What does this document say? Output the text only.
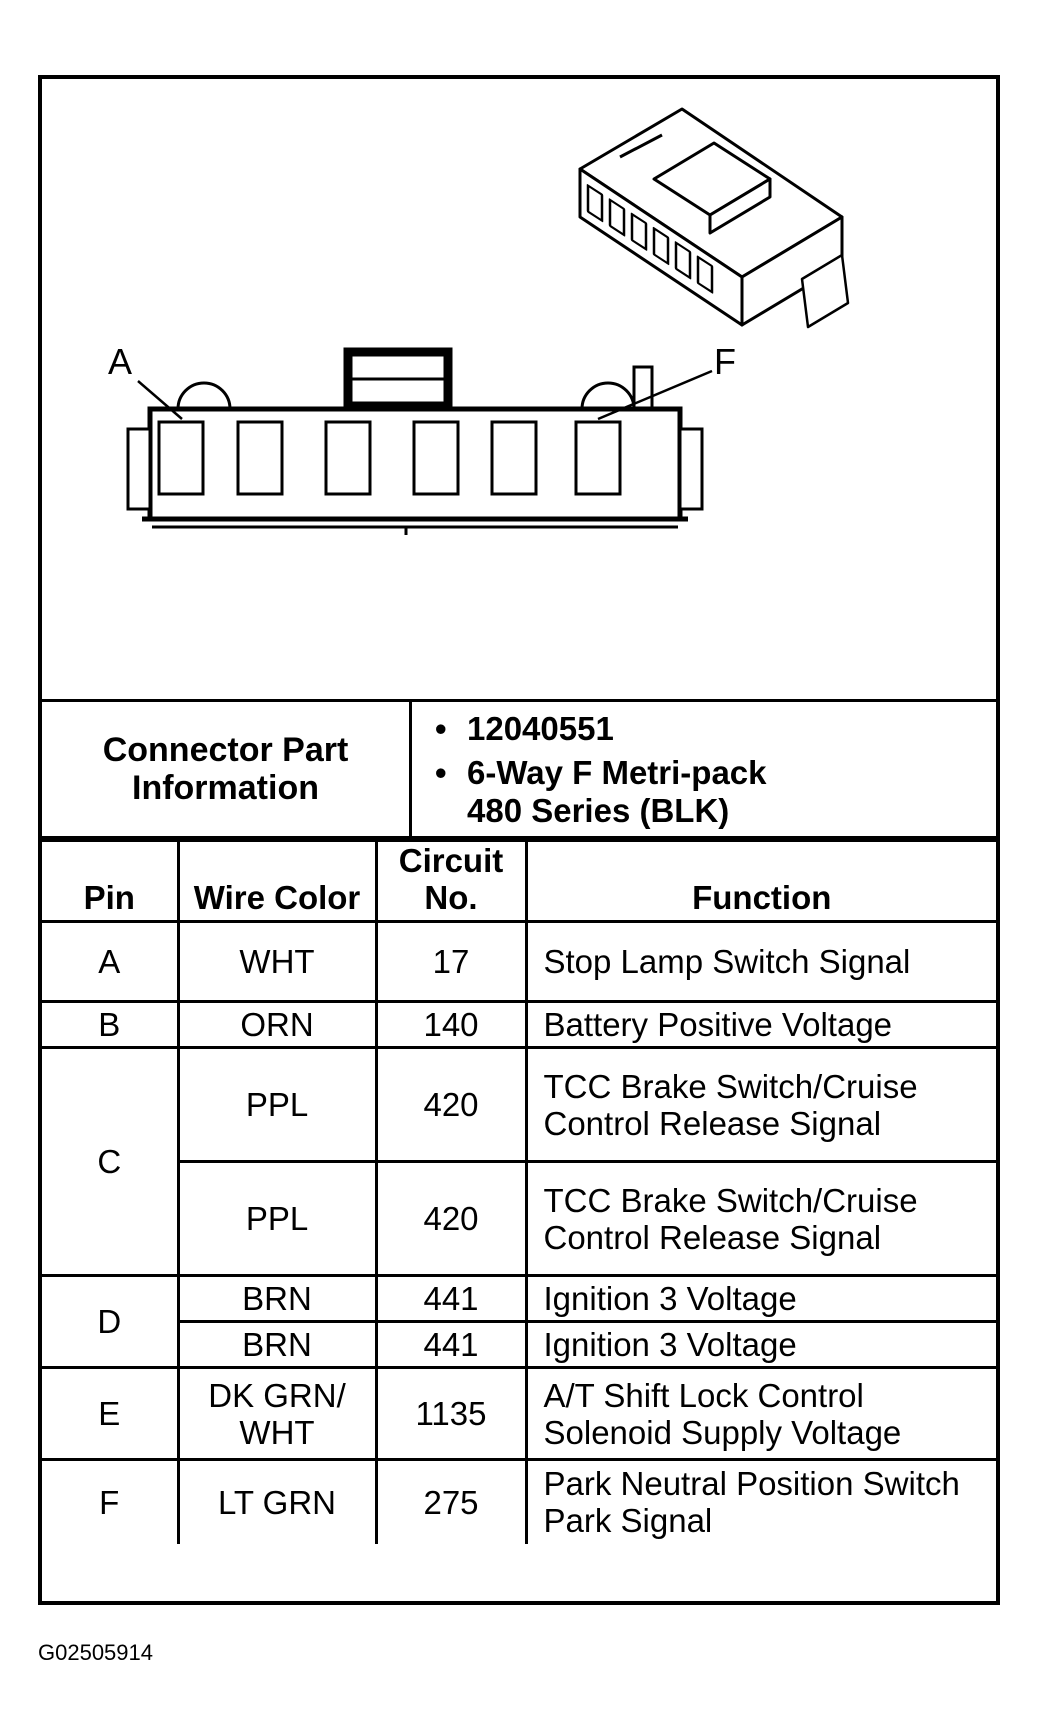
A	F
Connector Part Information
• 12040551
• 6-Way F Metri-pack
480 Series (BLK)
Pin	Wire Color	Circuit No.	Function
A	WHT	17	Stop Lamp Switch Signal
B	ORN	140	Battery Positive Voltage
C	PPL	420	TCC Brake Switch/Cruise Control Release Signal
	PPL	420	TCC Brake Switch/Cruise Control Release Signal
D	BRN	441	Ignition 3 Voltage
	BRN	441	Ignition 3 Voltage
E	DK GRN/ WHT	1135	A/T Shift Lock Control Solenoid Supply Voltage
F	LT GRN	275	Park Neutral Position Switch Park Signal
G02505914
